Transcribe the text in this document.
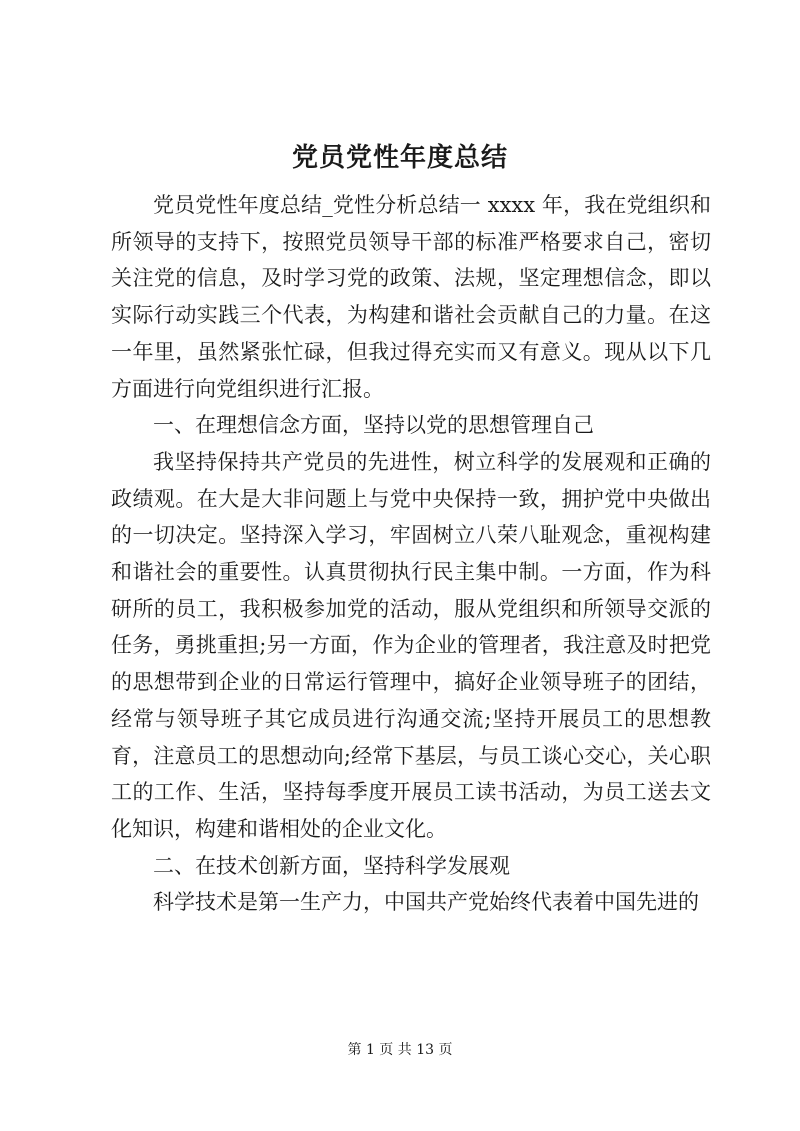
党员党性年度总结

党员党性年度总结_党性分析总结一 xxxx 年，我在党组织和所领导的支持下，按照党员领导干部的标准严格要求自己，密切关注党的信息，及时学习党的政策、法规，坚定理想信念，即以实际行动实践三个代表，为构建和谐社会贡献自己的力量。在这一年里，虽然紧张忙碌，但我过得充实而又有意义。现从以下几方面进行向党组织进行汇报。

一、在理想信念方面，坚持以党的思想管理自己

我坚持保持共产党员的先进性，树立科学的发展观和正确的政绩观。在大是大非问题上与党中央保持一致，拥护党中央做出的一切决定。坚持深入学习，牢固树立八荣八耻观念，重视构建和谐社会的重要性。认真贯彻执行民主集中制。一方面，作为科研所的员工，我积极参加党的活动，服从党组织和所领导交派的任务，勇挑重担;另一方面，作为企业的管理者，我注意及时把党的思想带到企业的日常运行管理中，搞好企业领导班子的团结，经常与领导班子其它成员进行沟通交流;坚持开展员工的思想教育，注意员工的思想动向;经常下基层，与员工谈心交心，关心职工的工作、生活，坚持每季度开展员工读书活动，为员工送去文化知识，构建和谐相处的企业文化。

二、在技术创新方面，坚持科学发展观

科学技术是第一生产力，中国共产党始终代表着中国先进的

第 1 页 共 13 页
